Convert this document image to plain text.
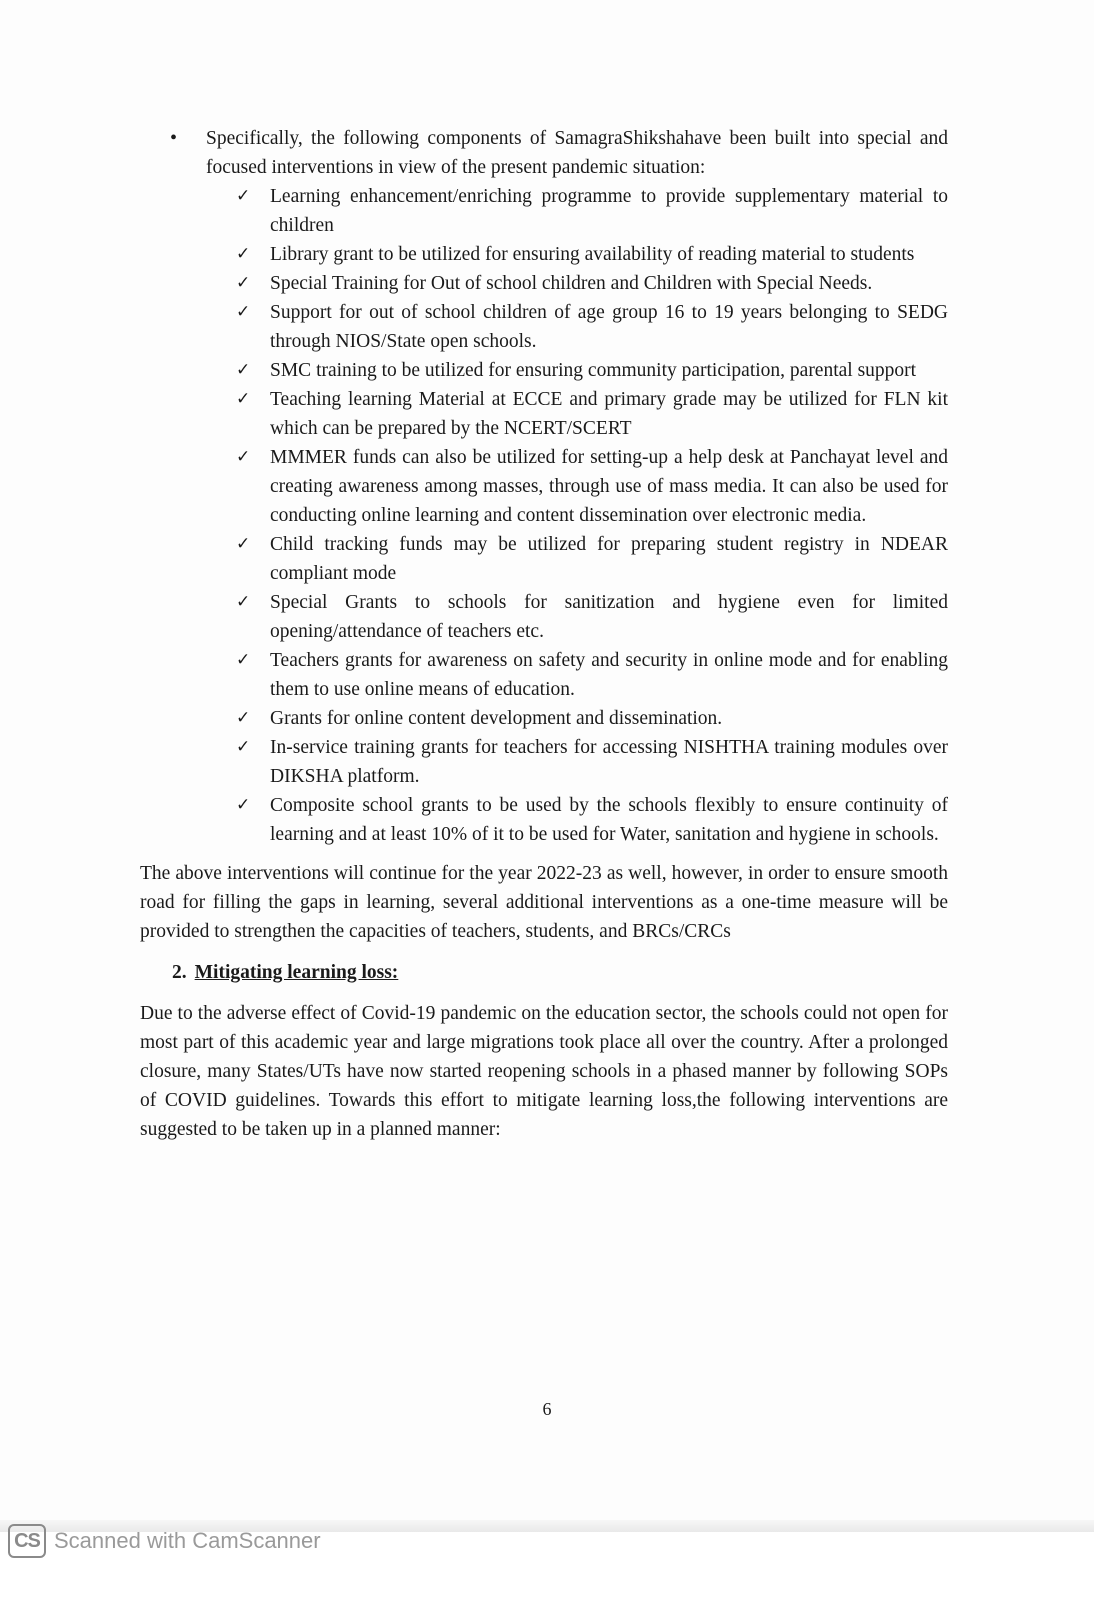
•	Specifically, the following components of SamagraShikshahave been built into special and focused interventions in view of the present pandemic situation:
✓	Learning enhancement/enriching programme to provide supplementary material to children
✓	Library grant to be utilized for ensuring availability of reading material to students
✓	Special Training for Out of school children and Children with Special Needs.
✓	Support for out of school children of age group 16 to 19 years belonging to SEDG through NIOS/State open schools.
✓	SMC training to be utilized for ensuring community participation, parental support
✓	Teaching learning Material at ECCE and primary grade may be utilized for FLN kit which can be prepared by the NCERT/SCERT
✓	MMMER funds can also be utilized for setting-up a help desk at Panchayat level and creating awareness among masses, through use of mass media. It can also be used for conducting online learning and content dissemination over electronic media.
✓	Child tracking funds may be utilized for preparing student registry in NDEAR compliant mode
✓	Special Grants to schools for sanitization and hygiene even for limited opening/attendance of teachers etc.
✓	Teachers grants for awareness on safety and security in online mode and for enabling them to use online means of education.
✓	Grants for online content development and dissemination.
✓	In-service training grants for teachers for accessing NISHTHA training modules over DIKSHA platform.
✓	Composite school grants to be used by the schools flexibly to ensure continuity of learning and at least 10% of it to be used for Water, sanitation and hygiene in schools.

The above interventions will continue for the year 2022-23 as well, however, in order to ensure smooth road for filling the gaps in learning, several additional interventions as a one-time measure will be provided to strengthen the capacities of teachers, students, and BRCs/CRCs

2. Mitigating learning loss:

Due to the adverse effect of Covid-19 pandemic on the education sector, the schools could not open for most part of this academic year and large migrations took place all over the country. After a prolonged closure, many States/UTs have now started reopening schools in a phased manner by following SOPs of COVID guidelines. Towards this effort to mitigate learning loss,the following interventions are suggested to be taken up in a planned manner:

6
CS Scanned with CamScanner
